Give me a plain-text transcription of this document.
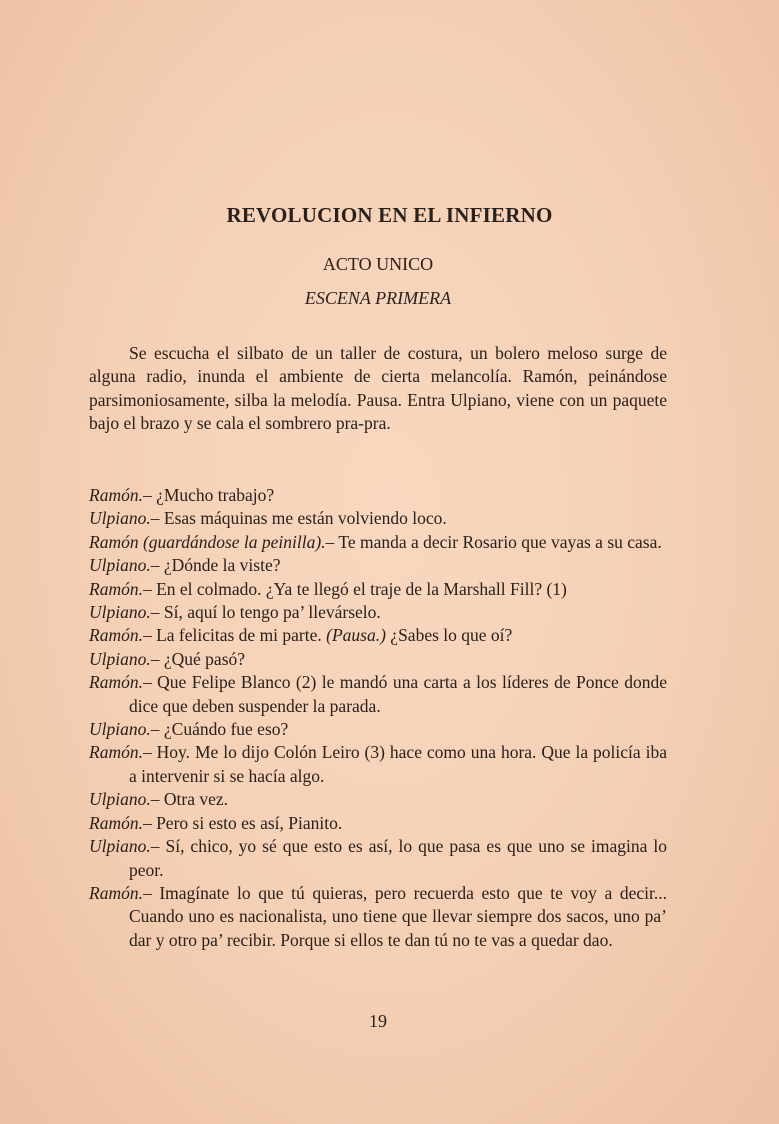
REVOLUCION EN EL INFIERNO
ACTO UNICO
ESCENA PRIMERA

Se escucha el silbato de un taller de costura, un bolero meloso surge de alguna radio, inunda el ambiente de cierta melancolía. Ramón, peinándose parsimoniosamente, silba la melodía. Pausa. Entra Ulpiano, viene con un paquete bajo el brazo y se cala el sombrero pra-pra.

Ramón.– ¿Mucho trabajo?
Ulpiano.– Esas máquinas me están volviendo loco.
Ramón (guardándose la peinilla).– Te manda a decir Rosario que vayas a su casa.
Ulpiano.– ¿Dónde la viste?
Ramón.– En el colmado. ¿Ya te llegó el traje de la Marshall Fill? (1)
Ulpiano.– Sí, aquí lo tengo pa’ llevárselo.
Ramón.– La felicitas de mi parte. (Pausa.) ¿Sabes lo que oí?
Ulpiano.– ¿Qué pasó?
Ramón.– Que Felipe Blanco (2) le mandó una carta a los líderes de Ponce donde dice que deben suspender la parada.
Ulpiano.– ¿Cuándo fue eso?
Ramón.– Hoy. Me lo dijo Colón Leiro (3) hace como una hora. Que la policía iba a intervenir si se hacía algo.
Ulpiano.– Otra vez.
Ramón.– Pero si esto es así, Pianito.
Ulpiano.– Sí, chico, yo sé que esto es así, lo que pasa es que uno se imagina lo peor.
Ramón.– Imagínate lo que tú quieras, pero recuerda esto que te voy a decir... Cuando uno es nacionalista, uno tiene que llevar siempre dos sacos, uno pa’ dar y otro pa’ recibir. Porque si ellos te dan tú no te vas a quedar dao.
19
